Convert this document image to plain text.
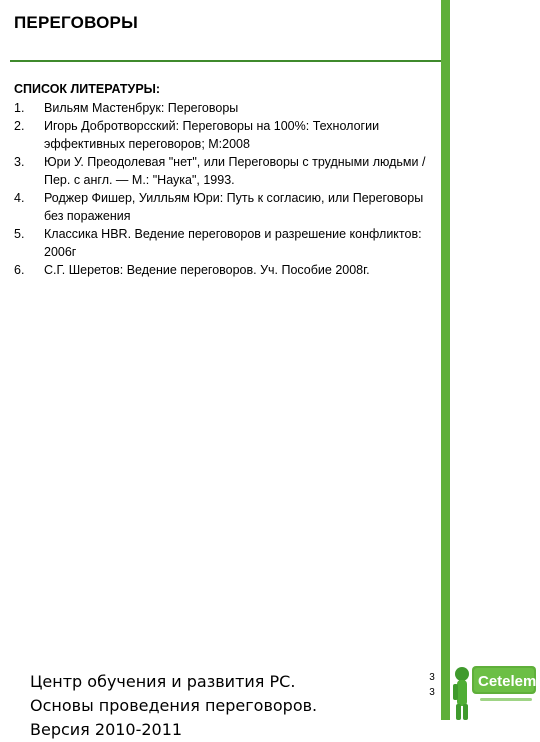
ПЕРЕГОВОРЫ
СПИСОК ЛИТЕРАТУРЫ:
1.	Вильям Мастенбрук: Переговоры
2.	Игорь Добротворсский: Переговоры на 100%: Технологии эффективных переговоров; М:2008
3.	Юри У. Преодолевая "нет", или Переговоры с трудными людьми / Пер. с англ. — М.: "Наука", 1993.
4.	Роджер Фишер, Уилльям Юри: Путь к согласию, или Переговоры без поражения
5.	Классика HBR. Ведение переговоров и разрешение конфликтов: 2006г
6.	С.Г. Шеретов: Ведение переговоров. Уч. Пособие 2008г.
Центр обучения и развития РС.
Основы проведения переговоров.
Версия 2010-2011
3
3
Cetelem
